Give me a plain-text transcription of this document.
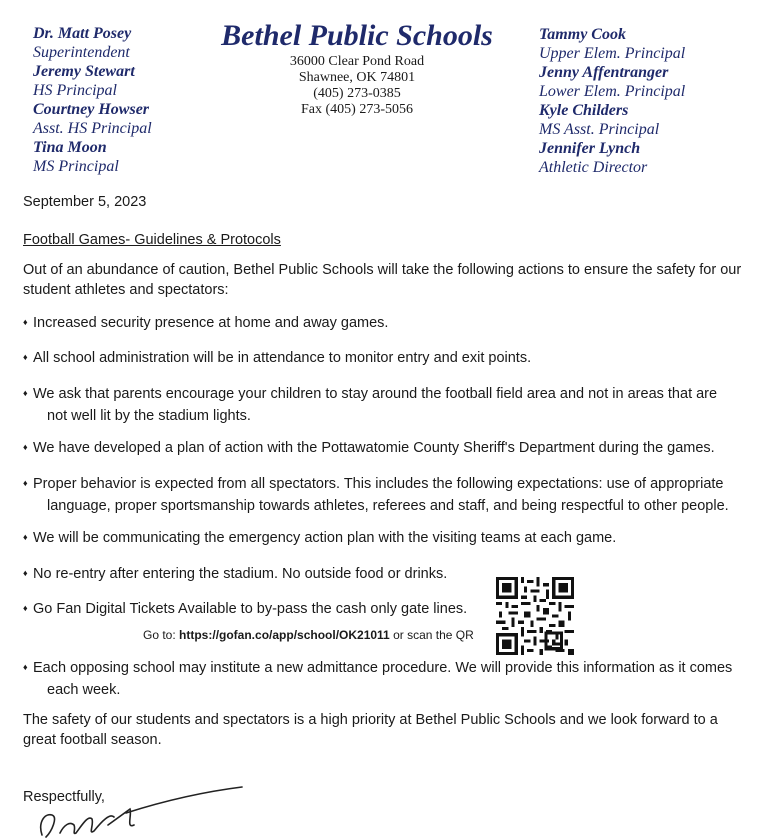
Dr. Matt Posey
Superintendent
Jeremy Stewart
HS Principal
Courtney Howser
Asst. HS Principal
Tina Moon
MS Principal
Bethel Public Schools
36000 Clear Pond Road
Shawnee, OK 74801
(405) 273-0385
Fax (405) 273-5056
Tammy Cook
Upper Elem. Principal
Jenny Affentranger
Lower Elem. Principal
Kyle Childers
MS Asst. Principal
Jennifer Lynch
Athletic Director
September 5, 2023
Football Games- Guidelines & Protocols
Out of an abundance of caution, Bethel Public Schools will take the following actions to ensure the safety for our student athletes and spectators:
♦ Increased security presence at home and away games.
♦ All school administration will be in attendance to monitor entry and exit points.
♦ We ask that parents encourage your children to stay around the football field area and not in areas that are
not well lit by the stadium lights.
♦ We have developed a plan of action with the Pottawatomie County Sheriff's Department during the games.
♦ Proper behavior is expected from all spectators. This includes the following expectations: use of appropriate
language, proper sportsmanship towards athletes, referees and staff, and being respectful to other people.
♦ We will be communicating the emergency action plan with the visiting teams at each game.
♦ No re-entry after entering the stadium. No outside food or drinks.
♦ Go Fan Digital Tickets Available to by-pass the cash only gate lines.
Go to: https://gofan.co/app/school/OK21011 or scan the QR
♦ Each opposing school may institute a new admittance procedure. We will provide this information as it comes
each week.
The safety of our students and spectators is a high priority at Bethel Public Schools and we look forward to a great football season.
Respectfully,
